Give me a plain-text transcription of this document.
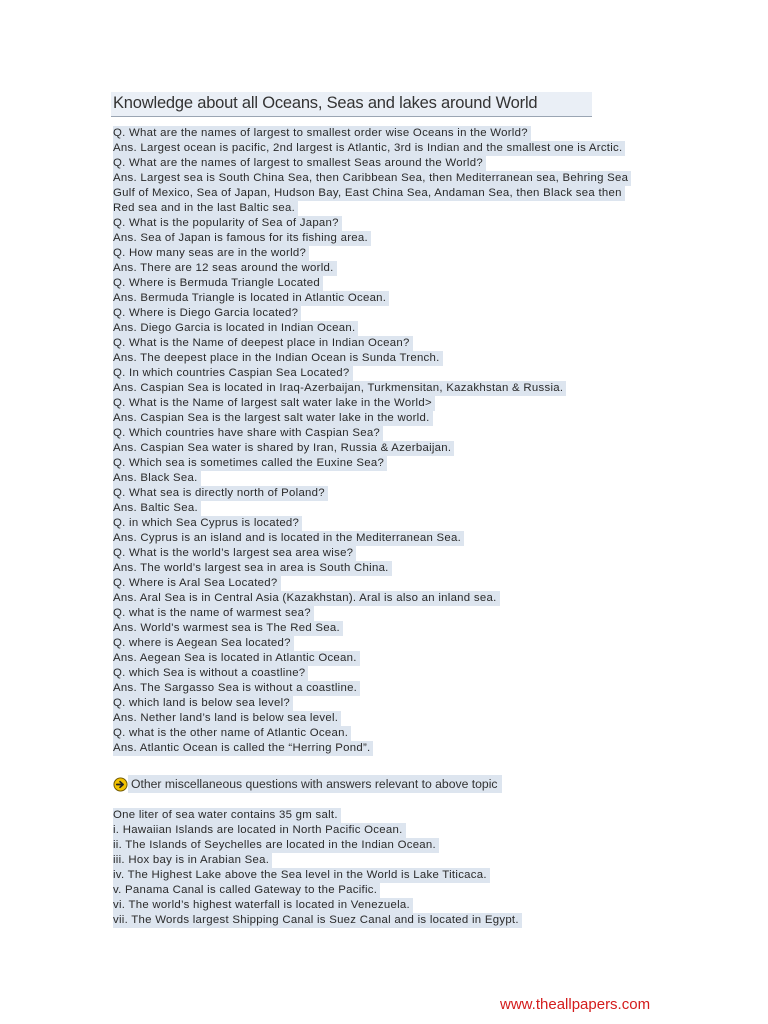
Knowledge about all Oceans, Seas and lakes around World
Q. What are the names of largest to smallest order wise Oceans in the World?
Ans. Largest ocean is pacific, 2nd largest is Atlantic, 3rd is Indian and the smallest one is Arctic.
Q. What are the names of largest to smallest Seas around the World?
Ans. Largest sea is South China Sea, then Caribbean Sea, then Mediterranean sea, Behring Sea
Gulf of Mexico, Sea of Japan, Hudson Bay, East China Sea, Andaman Sea, then Black sea then
Red sea and in the last Baltic sea.
Q. What is the popularity of Sea of Japan?
Ans. Sea of Japan is famous for its fishing area.
Q. How many seas are in the world?
Ans. There are 12 seas around the world.
Q. Where is Bermuda Triangle Located
Ans. Bermuda Triangle is located in Atlantic Ocean.
Q. Where is Diego Garcia located?
Ans. Diego Garcia is located in Indian Ocean.
Q. What is the Name of deepest place in Indian Ocean?
Ans. The deepest place in the Indian Ocean is Sunda Trench.
Q. In which countries Caspian Sea Located?
Ans. Caspian Sea is located in Iraq-Azerbaijan, Turkmensitan, Kazakhstan & Russia.
Q. What is the Name of largest salt water lake in the World>
Ans. Caspian Sea is the largest salt water lake in the world.
Q. Which countries have share with Caspian Sea?
Ans. Caspian Sea water is shared by Iran, Russia & Azerbaijan.
Q. Which sea is sometimes called the Euxine Sea?
Ans. Black Sea.
Q. What sea is directly north of Poland?
Ans. Baltic Sea.
Q. in which Sea Cyprus is located?
Ans. Cyprus is an island and is located in the Mediterranean Sea.
Q. What is the world’s largest sea area wise?
Ans. The world’s largest sea in area is South China.
Q. Where is Aral Sea Located?
Ans. Aral Sea is in Central Asia (Kazakhstan). Aral is also an inland sea.
Q. what is the name of warmest sea?
Ans. World's warmest sea is The Red Sea.
Q. where is Aegean Sea located?
Ans. Aegean Sea is located in Atlantic Ocean.
Q. which Sea is without a coastline?
Ans. The Sargasso Sea is without a coastline.
Q. which land is below sea level?
Ans. Nether land’s land is below sea level.
Q. what is the other name of Atlantic Ocean.
Ans. Atlantic Ocean is called the “Herring Pond”.
Other miscellaneous questions with answers relevant to above topic
One liter of sea water contains 35 gm salt.
i. Hawaiian Islands are located in North Pacific Ocean.
ii. The Islands of Seychelles are located in the Indian Ocean.
iii. Hox bay is in Arabian Sea.
iv. The Highest Lake above the Sea level in the World is Lake Titicaca.
v. Panama Canal is called Gateway to the Pacific.
vi. The world’s highest waterfall is located in Venezuela.
vii. The Words largest Shipping Canal is Suez Canal and is located in Egypt.
www.theallpapers.com
